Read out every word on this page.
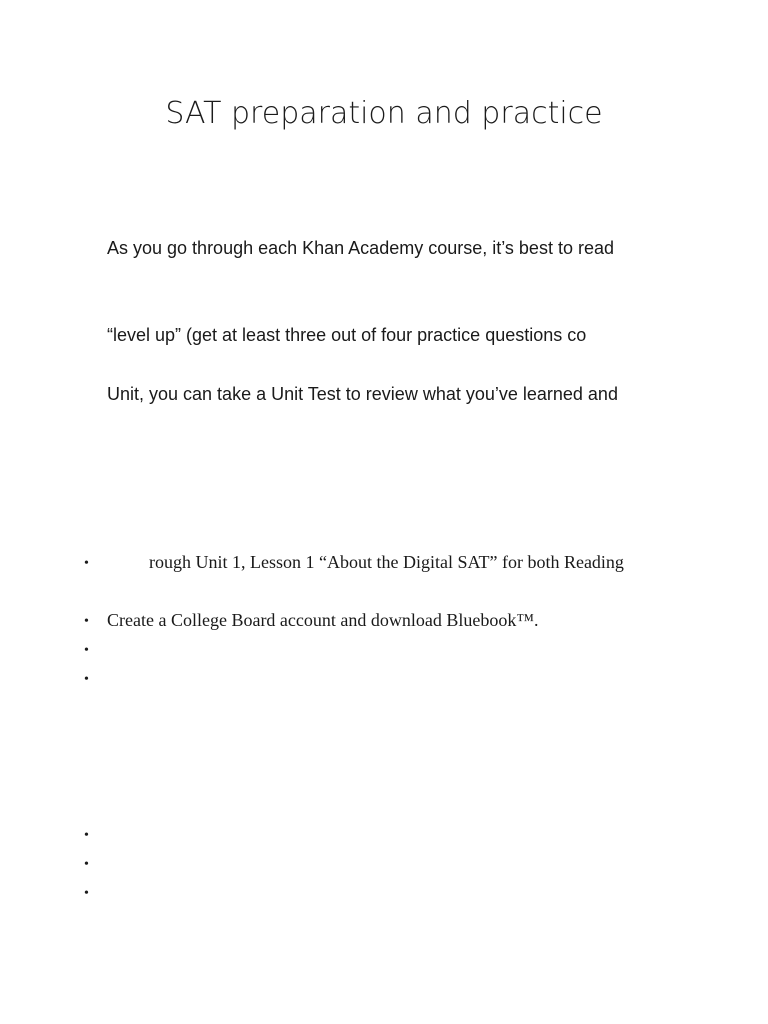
SAT preparation and practice

As you go through each Khan Academy course, it’s best to read

“level up” (get at least three out of four practice questions co

Unit, you can take a Unit Test to review what you’ve learned and

•	rough Unit 1, Lesson 1 “About the Digital SAT” for both Reading
• Create a College Board account and download Bluebook™.
•
•
•
•
•
